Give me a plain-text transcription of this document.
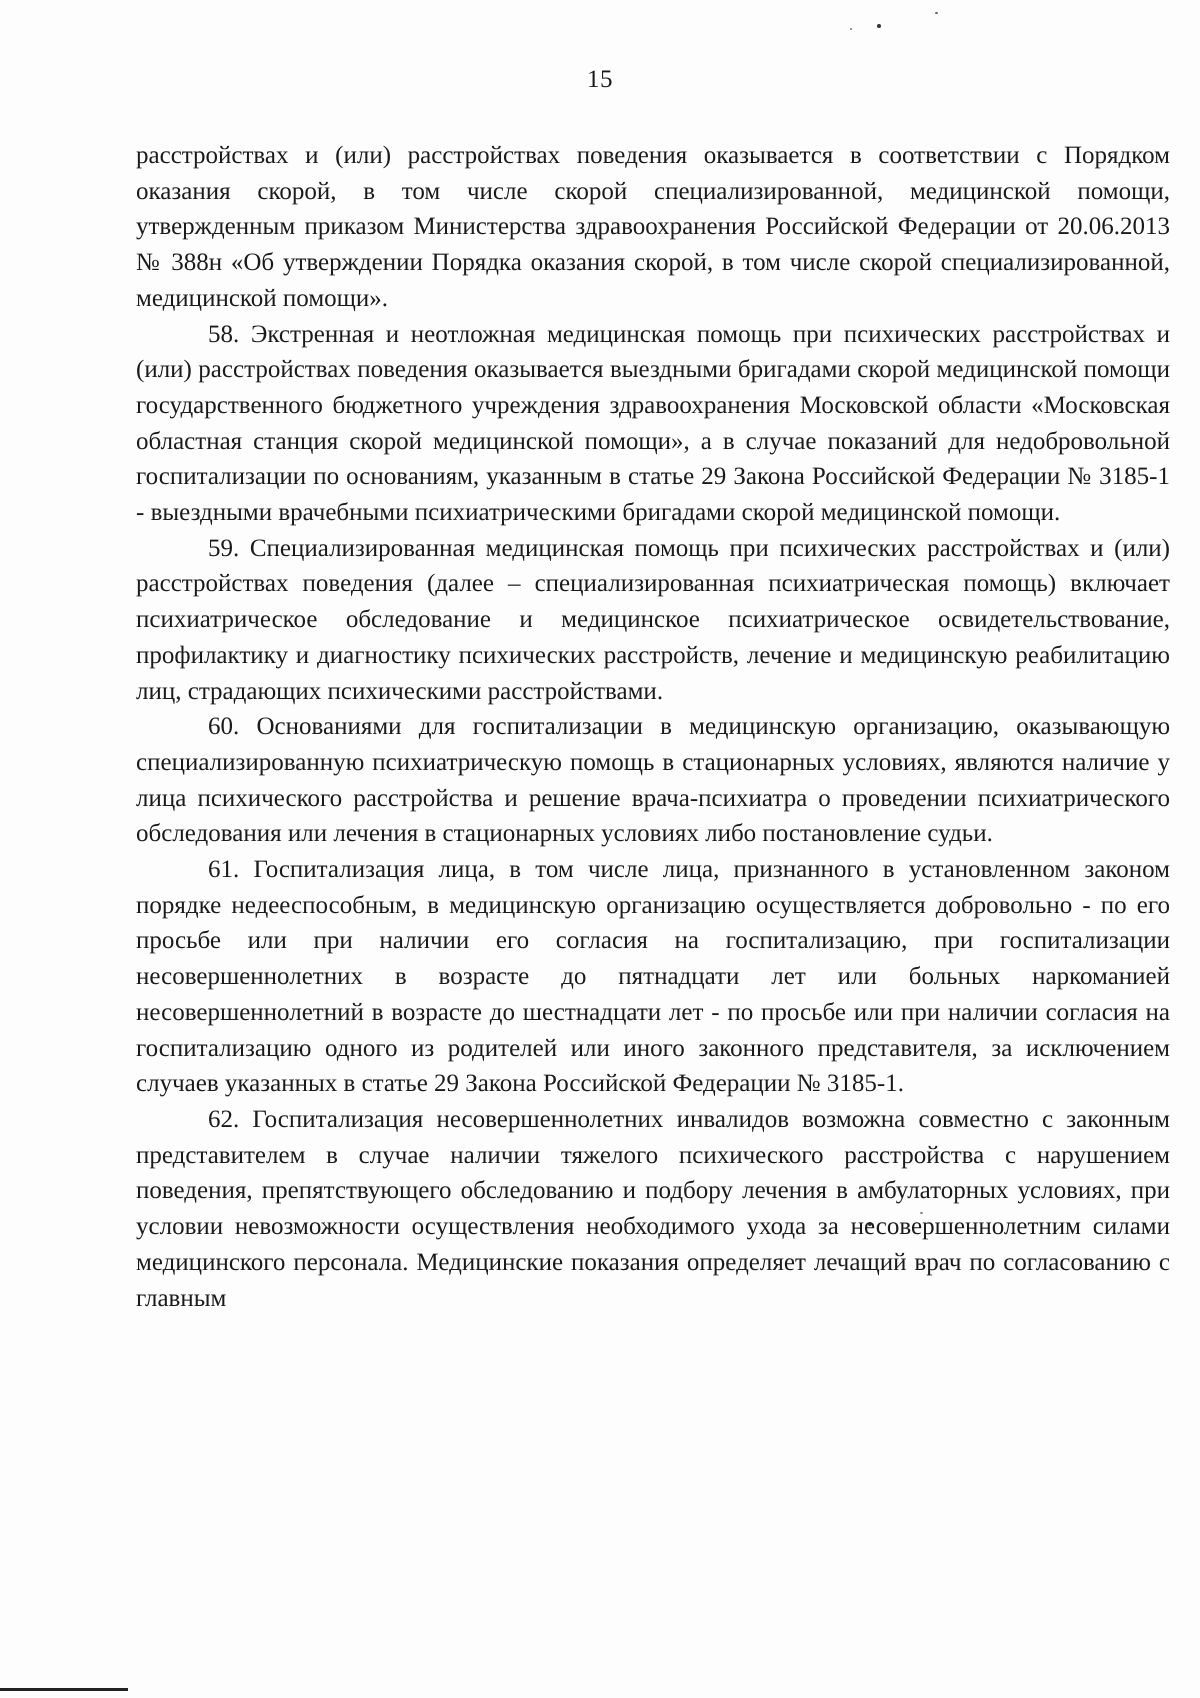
15

расстройствах и (или) расстройствах поведения оказывается в соответствии с Порядком оказания скорой, в том числе скорой специализированной, медицинской помощи, утвержденным приказом Министерства здравоохранения Российской Федерации от 20.06.2013 № 388н «Об утверждении Порядка оказания скорой, в том числе скорой специализированной, медицинской помощи».

58. Экстренная и неотложная медицинская помощь при психических расстройствах и (или) расстройствах поведения оказывается выездными бригадами скорой медицинской помощи государственного бюджетного учреждения здравоохранения Московской области «Московская областная станция скорой медицинской помощи», а в случае показаний для недобровольной госпитализации по основаниям, указанным в статье 29 Закона Российской Федерации № 3185-1 - выездными врачебными психиатрическими бригадами скорой медицинской помощи.

59. Специализированная медицинская помощь при психических расстройствах и (или) расстройствах поведения (далее – специализированная психиатрическая помощь) включает психиатрическое обследование и медицинское психиатрическое освидетельствование, профилактику и диагностику психических расстройств, лечение и медицинскую реабилитацию лиц, страдающих психическими расстройствами.

60. Основаниями для госпитализации в медицинскую организацию, оказывающую специализированную психиатрическую помощь в стационарных условиях, являются наличие у лица психического расстройства и решение врача-психиатра о проведении психиатрического обследования или лечения в стационарных условиях либо постановление судьи.

61. Госпитализация лица, в том числе лица, признанного в установленном законом порядке недееспособным, в медицинскую организацию осуществляется добровольно - по его просьбе или при наличии его согласия на госпитализацию, при госпитализации несовершеннолетних в возрасте до пятнадцати лет или больных наркоманией несовершеннолетний в возрасте до шестнадцати лет - по просьбе или при наличии согласия на госпитализацию одного из родителей или иного законного представителя, за исключением случаев указанных в статье 29 Закона Российской Федерации № 3185-1.

62. Госпитализация несовершеннолетних инвалидов возможна совместно с законным представителем в случае наличии тяжелого психического расстройства с нарушением поведения, препятствующего обследованию и подбору лечения в амбулаторных условиях, при условии невозможности осуществления необходимого ухода за несовершеннолетним силами медицинского персонала. Медицинские показания определяет лечащий врач по согласованию с главным
